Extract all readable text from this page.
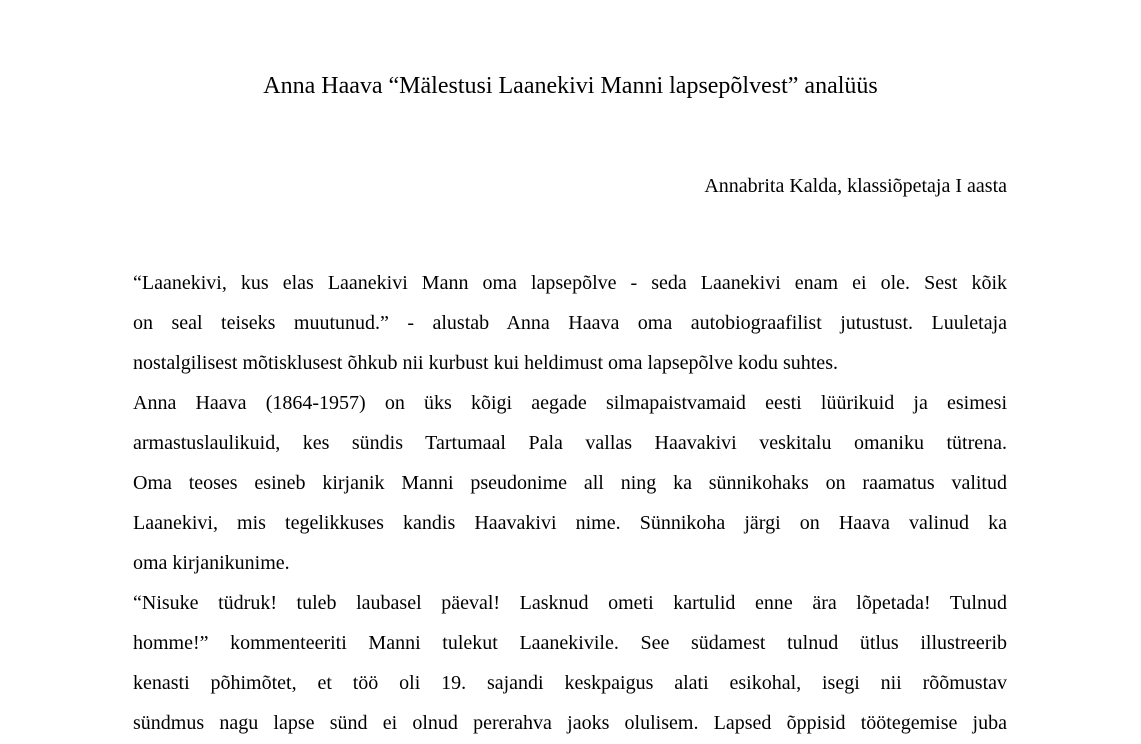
Anna Haava “Mälestusi Laanekivi Manni lapsepõlvest” analüüs

Annabrita Kalda, klassiõpetaja I aasta

“Laanekivi, kus elas Laanekivi Mann oma lapsepõlve - seda Laanekivi enam ei ole. Sest kõik
on seal teiseks muutunud.” - alustab Anna Haava oma autobiograafilist jutustust. Luuletaja
nostalgilisest mõtisklusest õhkub nii kurbust kui heldimust oma lapsepõlve kodu suhtes.
Anna Haava (1864-1957) on üks kõigi aegade silmapaistvamaid eesti lüürikuid ja esimesi
armastuslaulikuid, kes sündis Tartumaal Pala vallas Haavakivi veskitalu omaniku tütrena.
Oma teoses esineb kirjanik Manni pseudonime all ning ka sünnikohaks on raamatus valitud
Laanekivi, mis tegelikkuses kandis Haavakivi nime. Sünnikoha järgi on Haava valinud ka
oma kirjanikunime.
“Nisuke tüdruk! tuleb laubasel päeval! Lasknud ometi kartulid enne ära lõpetada! Tulnud
homme!” kommenteeriti Manni tulekut Laanekivile. See südamest tulnud ütlus illustreerib
kenasti põhimõtet, et töö oli 19. sajandi keskpaigus alati esikohal, isegi nii rõõmustav
sündmus nagu lapse sünd ei olnud pererahva jaoks olulisem. Lapsed õppisid töötegemise juba
